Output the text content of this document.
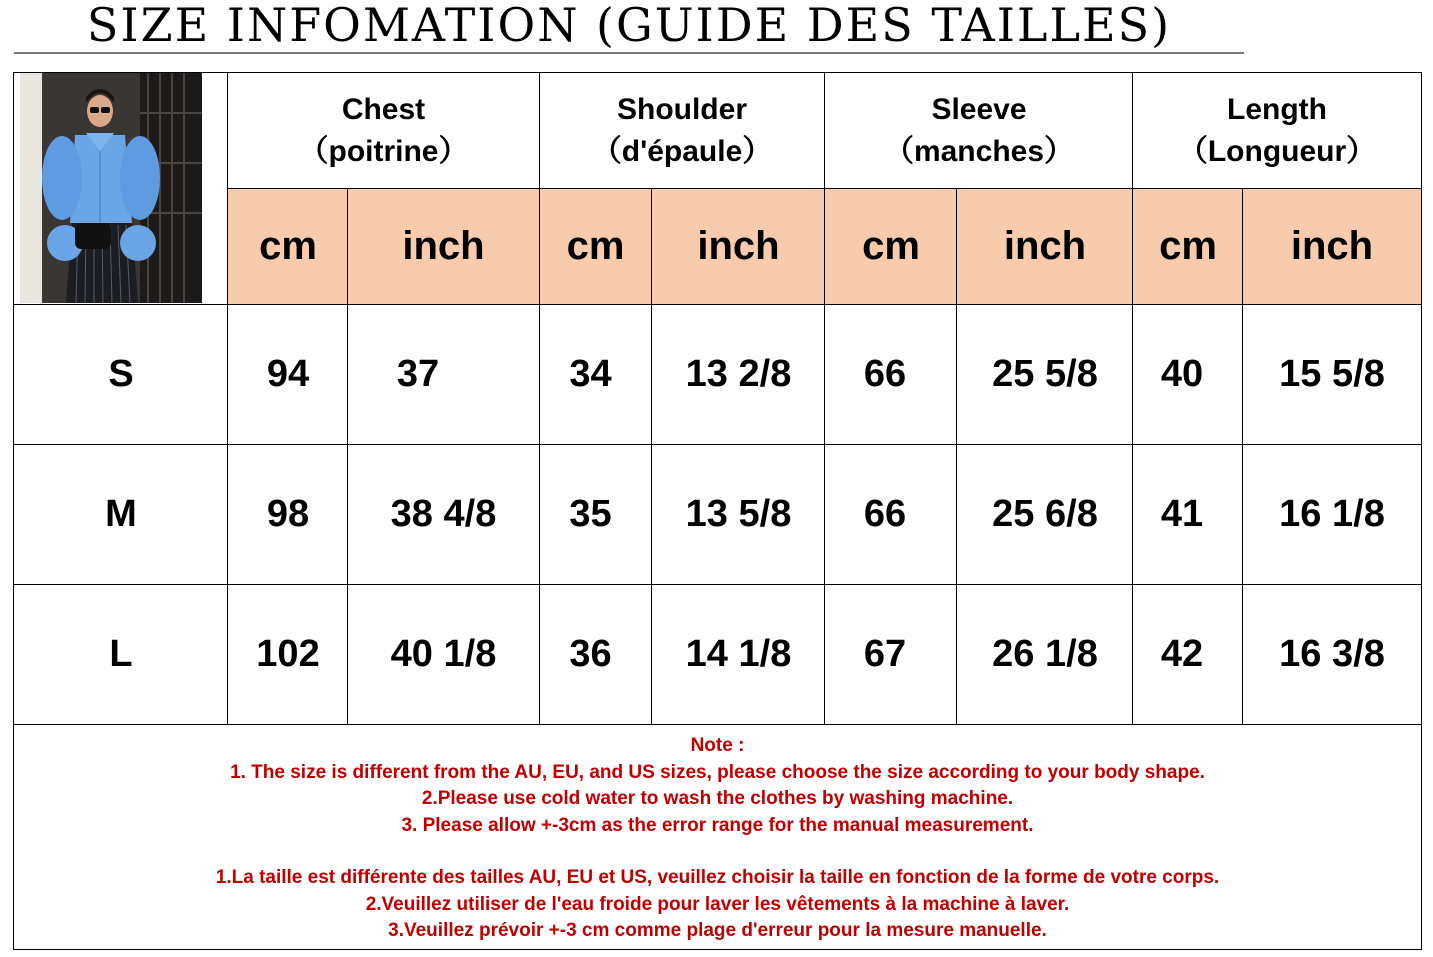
SIZE INFOMATION (GUIDE DES TAILLES)
Chest
（poitrine）
Shoulder
（d'épaule）
Sleeve
（manches）
Length
（Longueur）
cm	inch	cm	inch	cm	inch	cm	inch
S	94	37	34	13 2/8	66	25 5/8	40	15 5/8
M	98	38 4/8	35	13 5/8	66	25 6/8	41	16 1/8
L	102	40 1/8	36	14 1/8	67	26 1/8	42	16 3/8
Note :
1. The size is different from the AU, EU, and US sizes, please choose the size according to your body shape.
2.Please use cold water to wash the clothes by washing machine.
3. Please allow +-3cm as the error range for the manual measurement.
1.La taille est différente des tailles AU, EU et US, veuillez choisir la taille en fonction de la forme de votre corps.
2.Veuillez utiliser de l'eau froide pour laver les vêtements à la machine à laver.
3.Veuillez prévoir +-3 cm comme plage d'erreur pour la mesure manuelle.
